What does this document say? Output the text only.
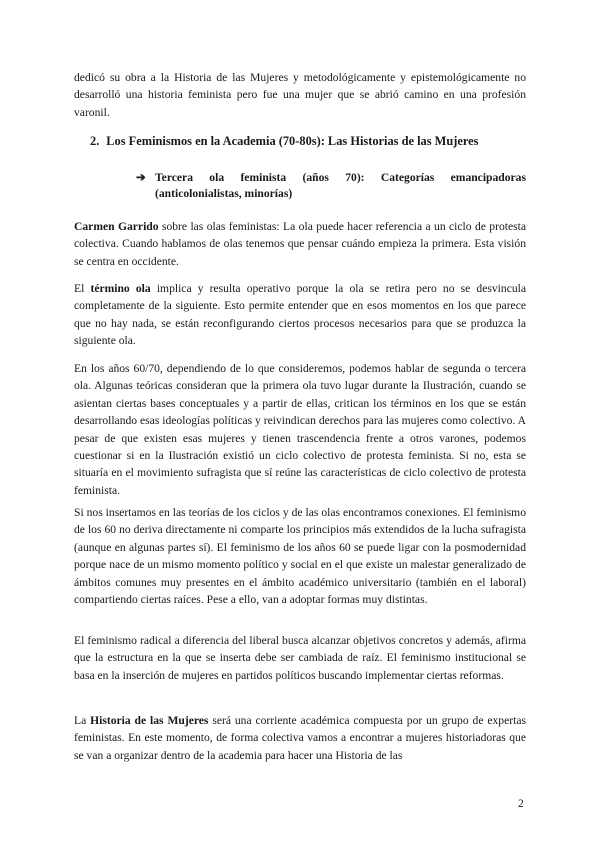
dedicó su obra a la Historia de las Mujeres y metodológicamente y epistemológicamente no desarrolló una historia feminista pero fue una mujer que se abrió camino en una profesión varonil.

2. Los Feminismos en la Academia (70-80s): Las Historias de las Mujeres
➔ Tercera ola feminista (años 70): Categorías emancipadoras (anticolonialistas, minorías)

Carmen Garrido sobre las olas feministas: La ola puede hacer referencia a un ciclo de protesta colectiva. Cuando hablamos de olas tenemos que pensar cuándo empieza la primera. Esta visión se centra en occidente.

El término ola implica y resulta operativo porque la ola se retira pero no se desvincula completamente de la siguiente. Esto permite entender que en esos momentos en los que parece que no hay nada, se están reconfigurando ciertos procesos necesarios para que se produzca la siguiente ola.

En los años 60/70, dependiendo de lo que consideremos, podemos hablar de segunda o tercera ola. Algunas teóricas consideran que la primera ola tuvo lugar durante la Ilustración, cuando se asientan ciertas bases conceptuales y a partir de ellas, critican los términos en los que se están desarrollando esas ideologías políticas y reivindican derechos para las mujeres como colectivo. A pesar de que existen esas mujeres y tienen trascendencia frente a otros varones, podemos cuestionar si en la Ilustración existió un ciclo colectivo de protesta feminista. Si no, esta se situaría en el movimiento sufragista que sí reúne las características de ciclo colectivo de protesta feminista.

Si nos insertamos en las teorías de los ciclos y de las olas encontramos conexiones. El feminismo de los 60 no deriva directamente ni comparte los principios más extendidos de la lucha sufragista (aunque en algunas partes sí). El feminismo de los años 60 se puede ligar con la posmodernidad porque nace de un mismo momento político y social en el que existe un malestar generalizado de ámbitos comunes muy presentes en el ámbito académico universitario (también en el laboral) compartiendo ciertas raíces. Pese a ello, van a adoptar formas muy distintas.

El feminismo radical a diferencia del liberal busca alcanzar objetivos concretos y además, afirma que la estructura en la que se inserta debe ser cambiada de raíz. El feminismo institucional se basa en la inserción de mujeres en partidos políticos buscando implementar ciertas reformas.

La Historia de las Mujeres será una corriente académica compuesta por un grupo de expertas feministas. En este momento, de forma colectiva vamos a encontrar a mujeres historiadoras que se van a organizar dentro de la academia para hacer una Historia de las

2
